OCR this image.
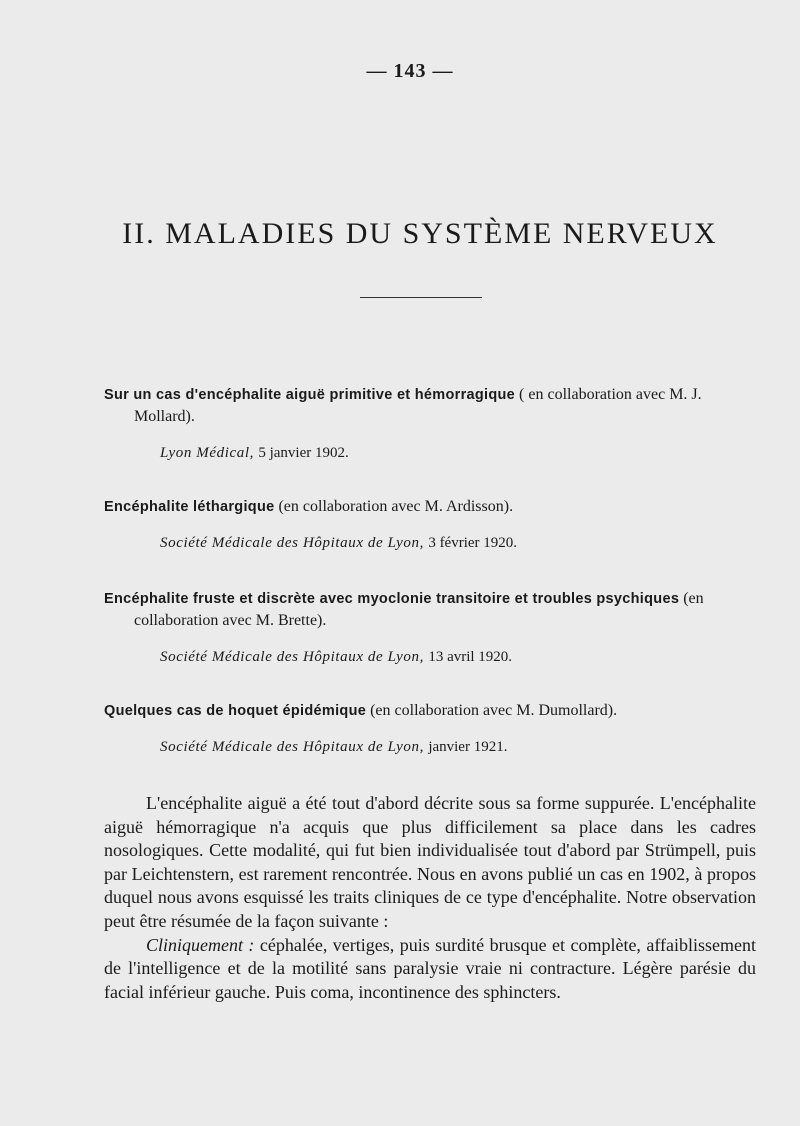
— 143 —
II. MALADIES DU SYSTÈME NERVEUX

Sur un cas d'encéphalite aiguë primitive et hémorragique ( en collaboration avec M. J. Mollard).

Lyon Médical, 5 janvier 1902.

Encéphalite léthargique (en collaboration avec M. Ardisson).

Société Médicale des Hôpitaux de Lyon, 3 février 1920.

Encéphalite fruste et discrète avec myoclonie transitoire et troubles psychiques (en collaboration avec M. Brette).

Société Médicale des Hôpitaux de Lyon, 13 avril 1920.

Quelques cas de hoquet épidémique (en collaboration avec M. Dumollard).

Société Médicale des Hôpitaux de Lyon, janvier 1921.

L'encéphalite aiguë a été tout d'abord décrite sous sa forme suppurée. L'encéphalite aiguë hémorragique n'a acquis que plus difficilement sa place dans les cadres nosologiques. Cette modalité, qui fut bien individualisée tout d'abord par Strümpell, puis par Leichtenstern, est rarement rencontrée. Nous en avons publié un cas en 1902, à propos duquel nous avons esquissé les traits cliniques de ce type d'encéphalite. Notre observation peut être résumée de la façon suivante :

Cliniquement : céphalée, vertiges, puis surdité brusque et complète, affaiblissement de l'intelligence et de la motilité sans paralysie vraie ni contracture. Légère parésie du facial inférieur gauche. Puis coma, incontinence des sphincters.
